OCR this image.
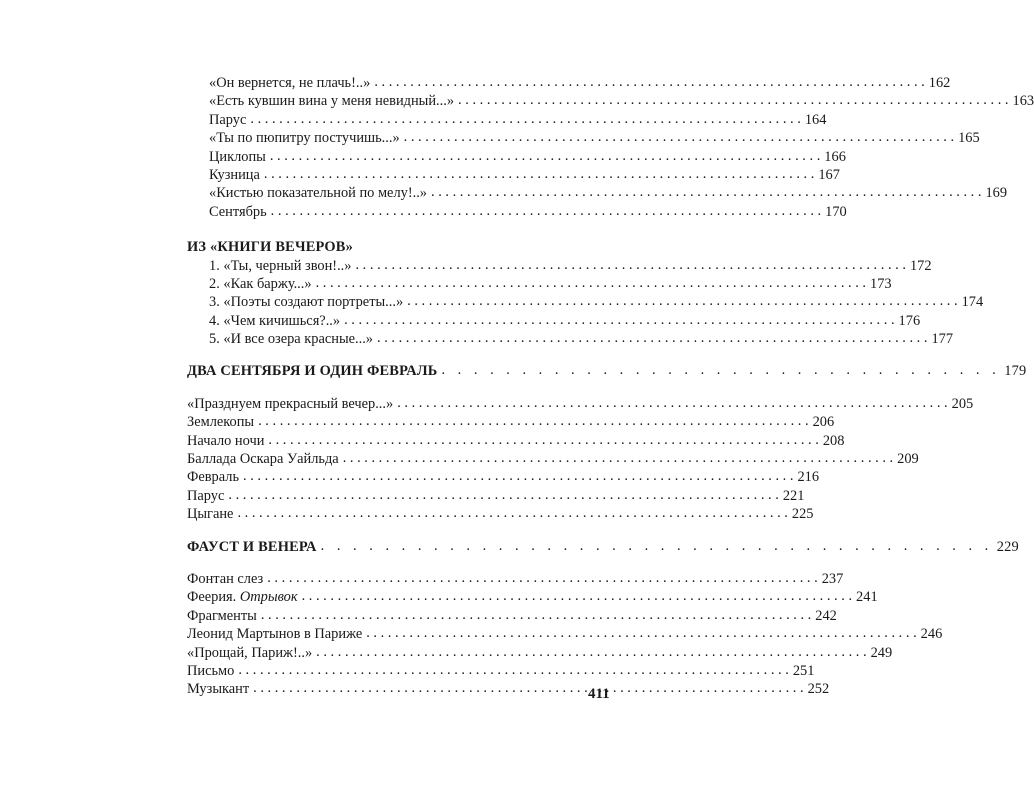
«Он вернется, не плачь!..» . . .	162
«Есть кувшин вина у меня невидный...» . . .	163
Парус . . .	164
«Ты по пюпитру постучишь...» . . .	165
Циклопы . . .	166
Кузница . . .	167
«Кистью показательной по мелу!..» . . .	169
Сентябрь . . .	170
ИЗ «КНИГИ ВЕЧЕРОВ»
1. «Ты, черный звон!..» . . .	172
2. «Как баржу...» . . .	173
3. «Поэты создают портреты...» . . .	174
4. «Чем кичишься?..» . . .	176
5. «И все озера красные...» . . .	177
ДВА СЕНТЯБРЯ И ОДИН ФЕВРАЛЬ . . . . . . . . . . . . . . . . . . . . . . . . . . . . . . . . . . . 179
«Празднуем прекрасный вечер...» . . .	205
Землекопы . . .	206
Начало ночи . . .	208
Баллада Оскара Уайльда . . .	209
Февраль . . .	216
Парус . . .	221
Цыгане . . .	225
ФАУСТ И ВЕНЕРА . . . . . . . . . . . . . . . . . . . . . . . . . . . . . . . . . . . . . . . . . . 229
Фонтан слез . . .	237
Феерия. Отрывок . . .	241
Фрагменты . . .	242
Леонид Мартынов в Париже . . .	246
«Прощай, Париж!..» . . .	249
Письмо . . .	251
Музыкант . . .	252
411
